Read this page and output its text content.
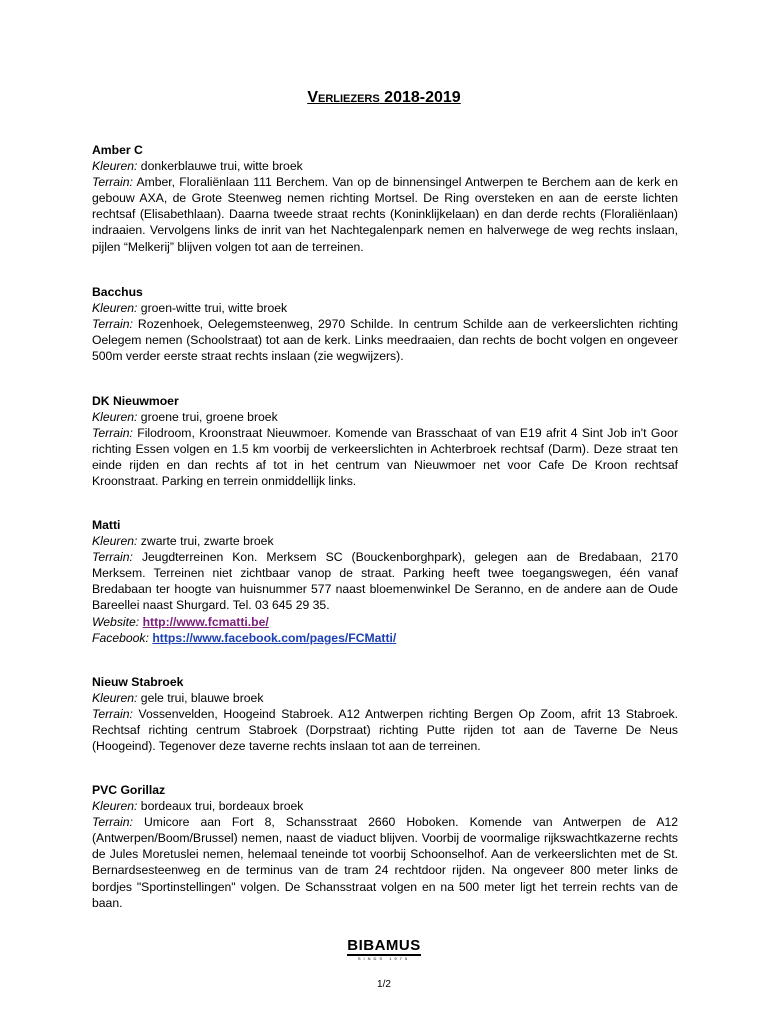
Verliezers 2018-2019

Amber C

Kleuren: donkerblauwe trui, witte broek

Terrain: Amber, Floraliënlaan 111 Berchem. Van op de binnensingel Antwerpen te Berchem aan de kerk en gebouw AXA, de Grote Steenweg nemen richting Mortsel. De Ring oversteken en aan de eerste lichten rechtsaf (Elisabethlaan). Daarna tweede straat rechts (Koninklijkelaan) en dan derde rechts (Floraliënlaan) indraaien. Vervolgens links de inrit van het Nachtegalenpark nemen en halverwege de weg rechts inslaan, pijlen “Melkerij” blijven volgen tot aan de terreinen.

Bacchus

Kleuren: groen-witte trui, witte broek

Terrain: Rozenhoek, Oelegemsteenweg, 2970 Schilde. In centrum Schilde aan de verkeerslichten richting Oelegem nemen (Schoolstraat) tot aan de kerk. Links meedraaien, dan rechts de bocht volgen en ongeveer 500m verder eerste straat rechts inslaan (zie wegwijzers).

DK Nieuwmoer

Kleuren: groene trui, groene broek

Terrain: Filodroom, Kroonstraat Nieuwmoer. Komende van Brasschaat of van E19 afrit 4 Sint Job in't Goor richting Essen volgen en 1.5 km voorbij de verkeerslichten in Achterbroek rechtsaf (Darm). Deze straat ten einde rijden en dan rechts af tot in het centrum van Nieuwmoer net voor Cafe De Kroon rechtsaf Kroonstraat. Parking en terrein onmiddellijk links.

Matti

Kleuren: zwarte trui, zwarte broek

Terrain: Jeugdterreinen Kon. Merksem SC (Bouckenborghpark), gelegen aan de Bredabaan, 2170 Merksem. Terreinen niet zichtbaar vanop de straat. Parking heeft twee toegangswegen, één vanaf Bredabaan ter hoogte van huisnummer 577 naast bloemenwinkel De Seranno, en de andere aan de Oude Bareellei naast Shurgard. Tel. 03 645 29 35.

Website: http://www.fcmatti.be/

Facebook: https://www.facebook.com/pages/FCMatti/

Nieuw Stabroek

Kleuren: gele trui, blauwe broek

Terrain: Vossenvelden, Hoogeind Stabroek. A12 Antwerpen richting Bergen Op Zoom, afrit 13 Stabroek. Rechtsaf richting centrum Stabroek (Dorpstraat) richting Putte rijden tot aan de Taverne De Neus (Hoogeind). Tegenover deze taverne rechts inslaan tot aan de terreinen.

PVC Gorillaz

Kleuren: bordeaux trui, bordeaux broek

Terrain: Umicore aan Fort 8, Schansstraat 2660 Hoboken. Komende van Antwerpen de A12 (Antwerpen/Boom/Brussel) nemen, naast de viaduct blijven. Voorbij de voormalige rijkswachtkazerne rechts de Jules Moretuslei nemen, helemaal teneinde tot voorbij Schoonselhof. Aan de verkeerslichten met de St. Bernardsesteenweg en de terminus van de tram 24 rechtdoor rijden. Na ongeveer 800 meter links de bordjes "Sportinstellingen" volgen. De Schansstraat volgen en na 500 meter ligt het terrein rechts van de baan.

BIBAMUS
SINDS 1975
1/2
